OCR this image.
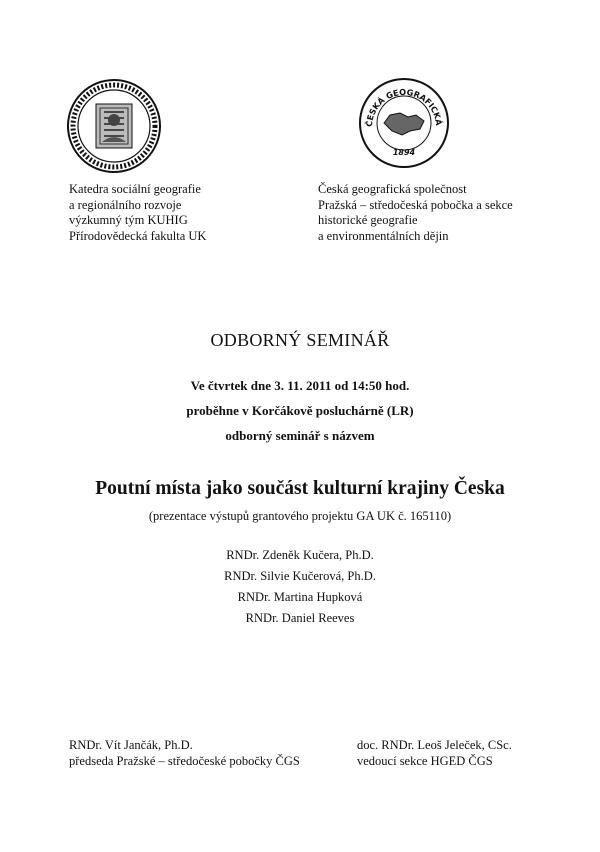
ČESKÁ GEOGRAFICKÁ
1894
Katedra sociální geografie
a regionálního rozvoje
výzkumný tým KUHIG
Přírodovědecká fakulta UK
Česká geografická společnost
Pražská – středočeská pobočka a sekce
historické geografie
a environmentálních dějin
ODBORNÝ SEMINÁŘ
Ve čtvrtek dne 3. 11. 2011 od 14:50 hod.
proběhne v Korčákově posluchárně (LR)
odborný seminář s názvem
Poutní místa jako součást kulturní krajiny Česka
(prezentace výstupů grantového projektu GA UK č. 165110)
RNDr. Zdeněk Kučera, Ph.D.
RNDr. Silvie Kučerová, Ph.D.
RNDr. Martina Hupková
RNDr. Daniel Reeves
RNDr. Vít Jančák, Ph.D.
předseda Pražské – středočeské pobočky ČGS
doc. RNDr. Leoš Jeleček, CSc.
vedoucí sekce HGED ČGS
